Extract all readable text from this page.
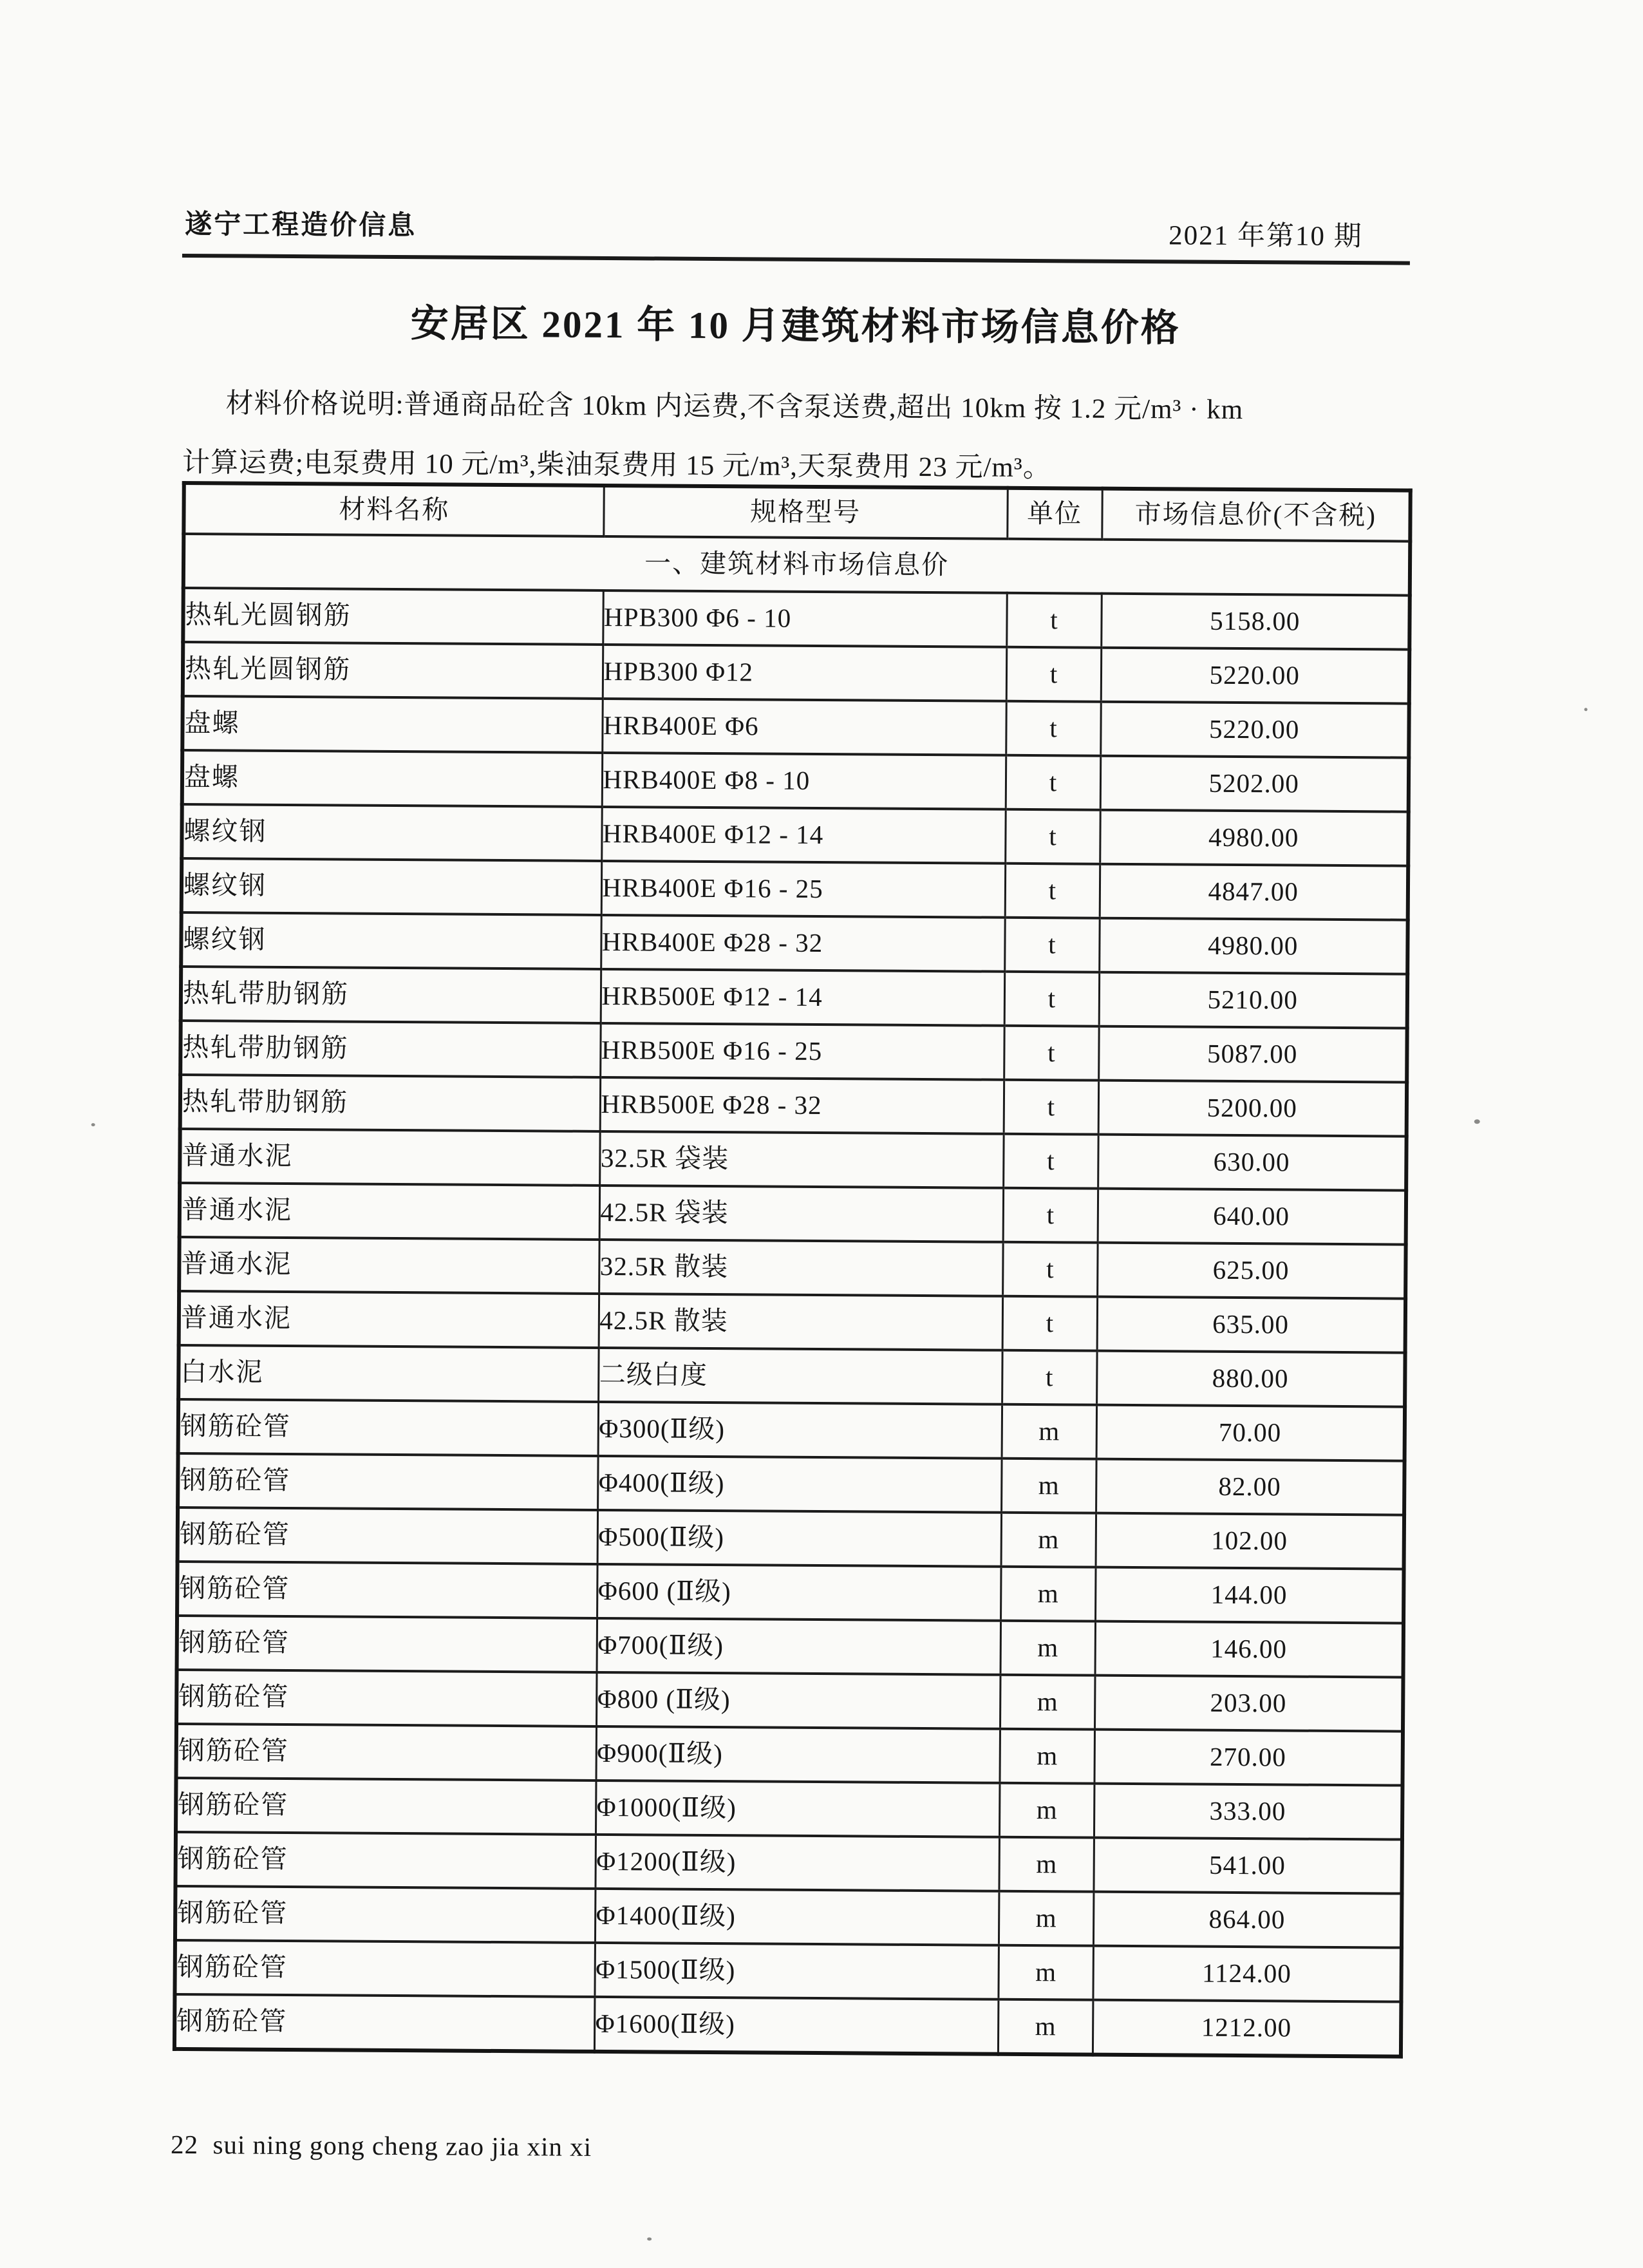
遂宁工程造价信息	2021 年第10 期
安居区 2021 年 10 月建筑材料市场信息价格

材料价格说明:普通商品砼含 10km 内运费,不含泵送费,超出 10km 按 1.2 元/m³ · km

计算运费;电泵费用 10 元/m³,柴油泵费用 15 元/m³,天泵费用 23 元/m³。

材料名称	规格型号	单位	市场信息价(不含税)
一、建筑材料市场信息价			
热轧光圆钢筋	HPB300 Φ6 - 10	t	5158.00
热轧光圆钢筋	HPB300 Φ12	t	5220.00
盘螺	HRB400E Φ6	t	5220.00
盘螺	HRB400E Φ8 - 10	t	5202.00
螺纹钢	HRB400E Φ12 - 14	t	4980.00
螺纹钢	HRB400E Φ16 - 25	t	4847.00
螺纹钢	HRB400E Φ28 - 32	t	4980.00
热轧带肋钢筋	HRB500E Φ12 - 14	t	5210.00
热轧带肋钢筋	HRB500E Φ16 - 25	t	5087.00
热轧带肋钢筋	HRB500E Φ28 - 32	t	5200.00
普通水泥	32.5R 袋装	t	630.00
普通水泥	42.5R 袋装	t	640.00
普通水泥	32.5R 散装	t	625.00
普通水泥	42.5R 散装	t	635.00
白水泥	二级白度	t	880.00
钢筋砼管	Φ300(Ⅱ级)	m	70.00
钢筋砼管	Φ400(Ⅱ级)	m	82.00
钢筋砼管	Φ500(Ⅱ级)	m	102.00
钢筋砼管	Φ600 (Ⅱ级)	m	144.00
钢筋砼管	Φ700(Ⅱ级)	m	146.00
钢筋砼管	Φ800 (Ⅱ级)	m	203.00
钢筋砼管	Φ900(Ⅱ级)	m	270.00
钢筋砼管	Φ1000(Ⅱ级)	m	333.00
钢筋砼管	Φ1200(Ⅱ级)	m	541.00
钢筋砼管	Φ1400(Ⅱ级)	m	864.00
钢筋砼管	Φ1500(Ⅱ级)	m	1124.00
钢筋砼管	Φ1600(Ⅱ级)	m	1212.00
22  sui ning gong cheng zao jia xin xi
